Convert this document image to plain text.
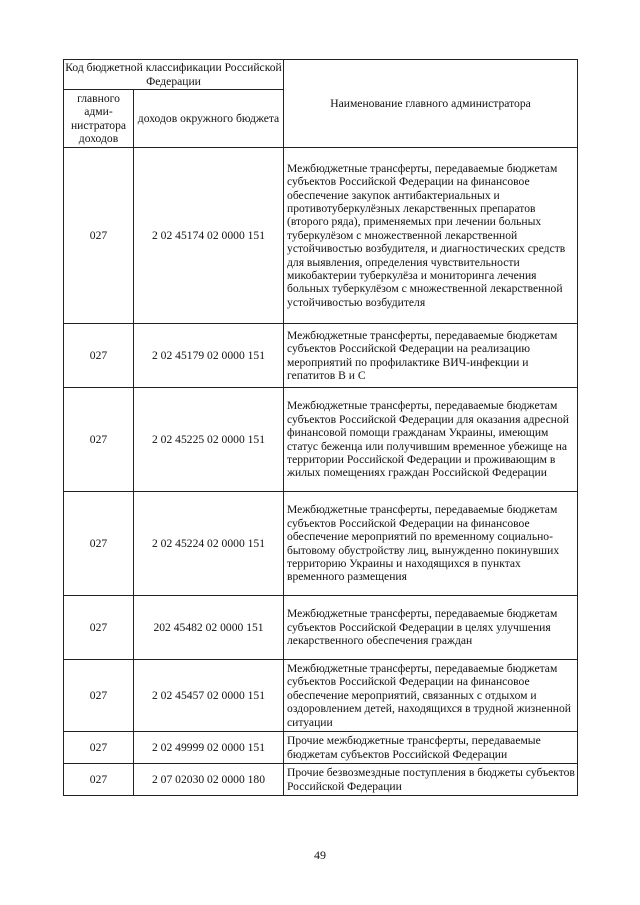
Код бюджетной классификации Российской Федерации		Наименование главного администратора
главного адми-нистратора доходов	доходов окружного бюджета	
027	2 02 45174 02 0000 151	Межбюджетные трансферты, передаваемые бюджетам субъектов Российской Федерации на финансовое обеспечение закупок антибактериальных и противотуберкулёзных лекарственных препаратов (второго ряда), применяемых при лечении больных туберкулёзом с множественной лекарственной устойчивостью возбудителя, и диагностических средств для выявления, определения чувствительности микобактерии туберкулёза и мониторинга лечения больных туберкулёзом с множественной лекарственной устойчивостью возбудителя
027	2 02 45179 02 0000 151	Межбюджетные трансферты, передаваемые бюджетам субъектов Российской Федерации на реализацию мероприятий по профилактике ВИЧ-инфекции и гепатитов В и С
027	2 02 45225 02 0000 151	Межбюджетные трансферты, передаваемые бюджетам субъектов Российской Федерации для оказания адресной финансовой помощи гражданам Украины, имеющим статус беженца или получившим временное убежище на территории Российской Федерации и проживающим в жилых помещениях граждан Российской Федерации
027	2 02 45224 02 0000 151	Межбюджетные трансферты, передаваемые бюджетам субъектов Российской Федерации на финансовое обеспечение мероприятий по временному социально-бытовому обустройству лиц, вынужденно покинувших территорию Украины и находящихся в пунктах временного размещения
027	202 45482 02 0000 151	Межбюджетные трансферты, передаваемые бюджетам субъектов Российской Федерации в целях улучшения лекарственного обеспечения граждан
027	2 02 45457 02 0000 151	Межбюджетные трансферты, передаваемые бюджетам субъектов Российской Федерации на финансовое обеспечение мероприятий, связанных с отдыхом и оздоровлением детей, находящихся в трудной жизненной ситуации
027	2 02 49999 02 0000 151	Прочие межбюджетные трансферты, передаваемые бюджетам субъектов Российской Федерации
027	2 07 02030 02 0000 180	Прочие безвозмездные поступления в бюджеты субъектов Российской Федерации
49
